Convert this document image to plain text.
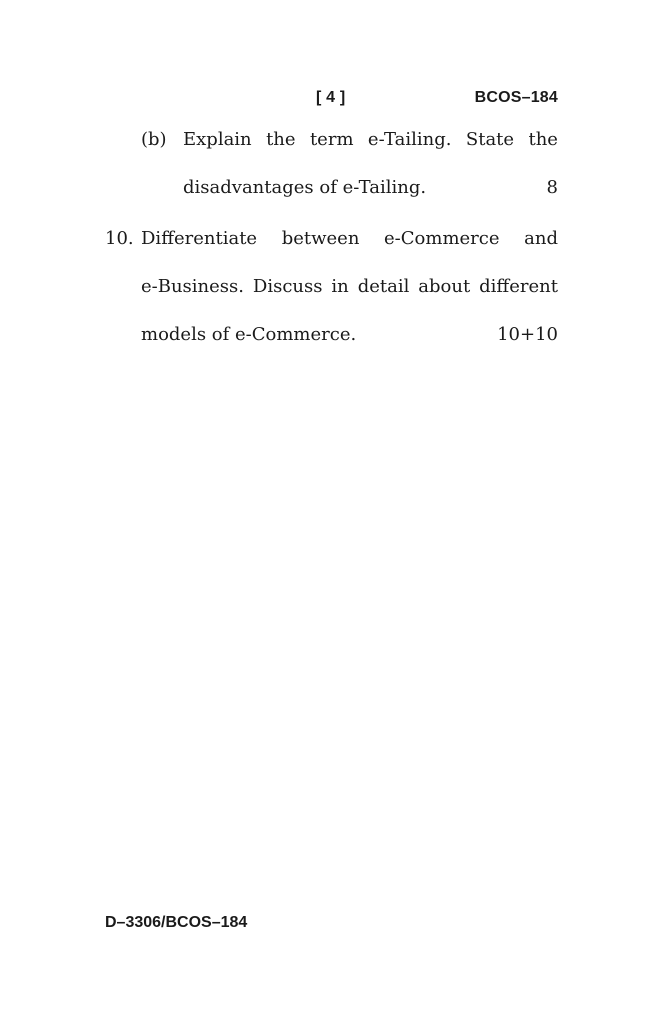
[ 4 ]	BCOS–184
(b) Explain the term e-Tailing. State the
disadvantages of e-Tailing.	8
10. Differentiate between e-Commerce and
e-Business. Discuss in detail about different
models of e-Commerce.	10+10
D–3306/BCOS–184
